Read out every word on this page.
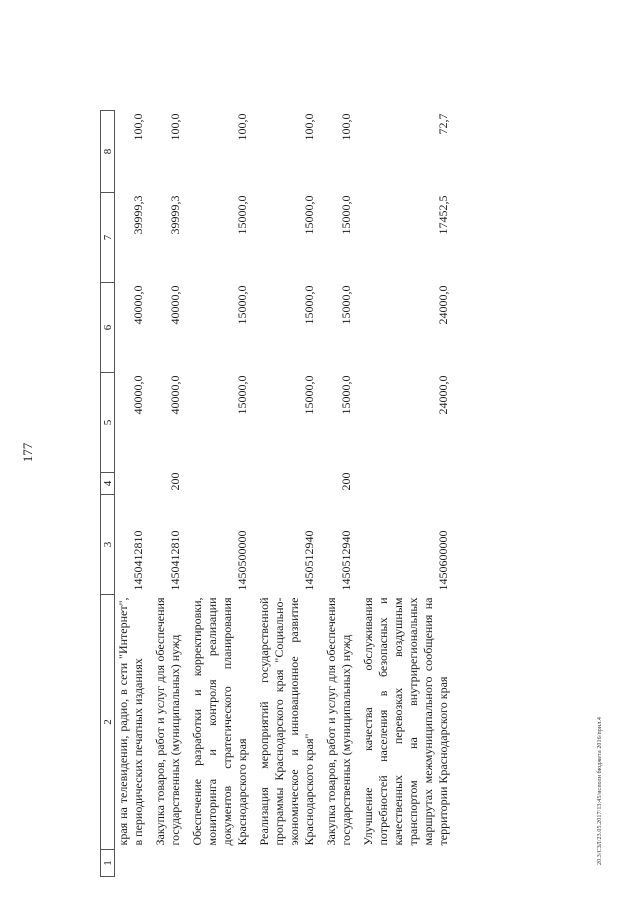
177
1	2	3	4	5	6	7	8
	края на телевидении, радио, в сети "Интернет", в периодических печатных изданиях	1450412810		40000,0	40000,0	39999,3	100,0
	Закупка товаров, работ и услуг для обеспечения государственных (муниципальных) нужд	1450412810	200	40000,0	40000,0	39999,3	100,0
	Обеспечение разработки и корректировки, мониторинга и контроля реализации документов стратегического планирования Краснодарского края	1450500000		15000,0	15000,0	15000,0	100,0
	Реализация мероприятий государственной программы Краснодарского края "Социально-экономическое и инновационное развитие Краснодарского края"	1450512940		15000,0	15000,0	15000,0	100,0
	Закупка товаров, работ и услуг для обеспечения государственных (муниципальных) нужд	1450512940	200	15000,0	15000,0	15000,0	100,0
	Улучшение качества обслуживания потребностей населения в безопасных и качественных перевозках воздушным транспортом на внутрирегиональных маршрутах межмуниципального сообщения на территории Краснодарского края	1450600000		24000,0	24000,0	17452,5	72,7
20.3/СЗЛ/23.05.2017/13:45/исполн бюджета 2016/прил.4
